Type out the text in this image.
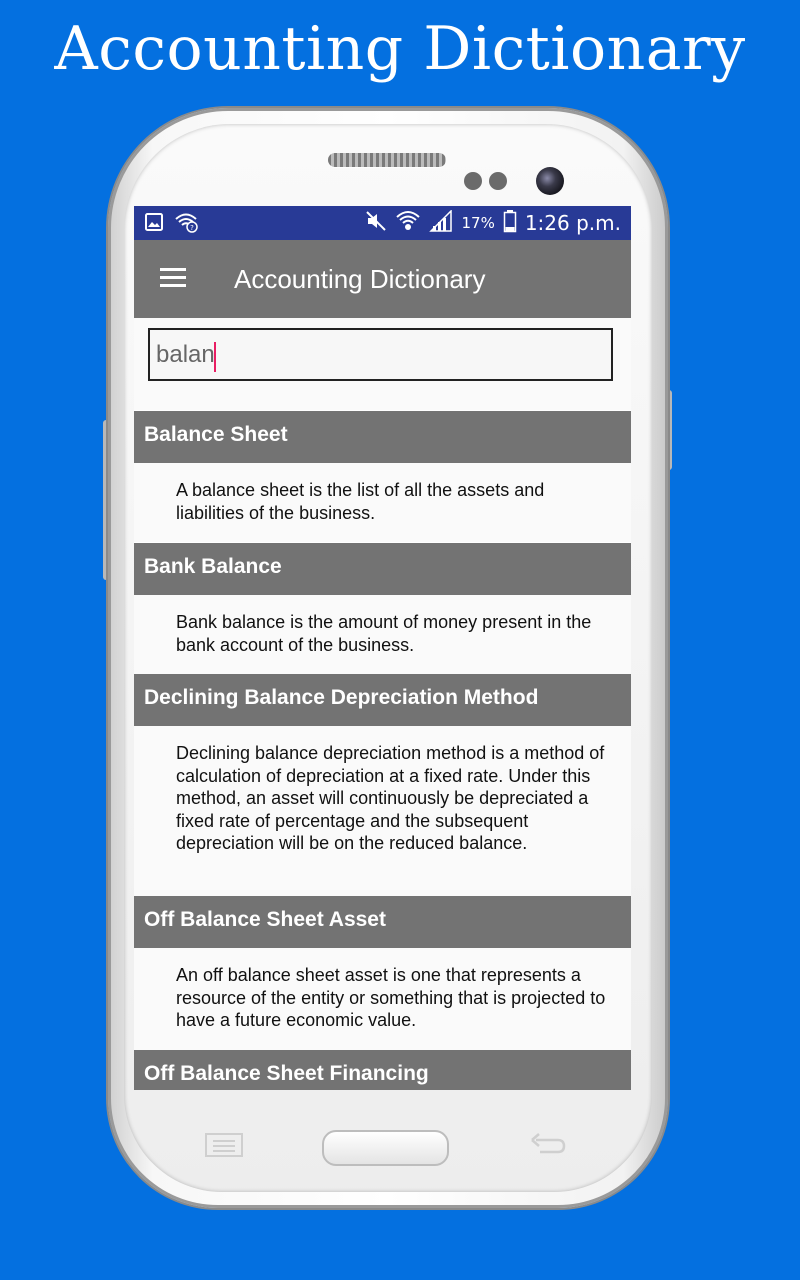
Accounting Dictionary
?	17% 1:26 p.m.
Accounting Dictionary
balan
Balance Sheet
A balance sheet is the list of all the assets and liabilities of the business.
Bank Balance
Bank balance is the amount of money present in the bank account of the business.
Declining Balance Depreciation Method
Declining balance depreciation method is a method of calculation of depreciation at a fixed rate. Under this method, an asset will continuously be depreciated a fixed rate of percentage and the subsequent depreciation will be on the reduced balance.
Off Balance Sheet Asset
An off balance sheet asset is one that represents a resource of the entity or something that is projected to have a future economic value.
Off Balance Sheet Financing
